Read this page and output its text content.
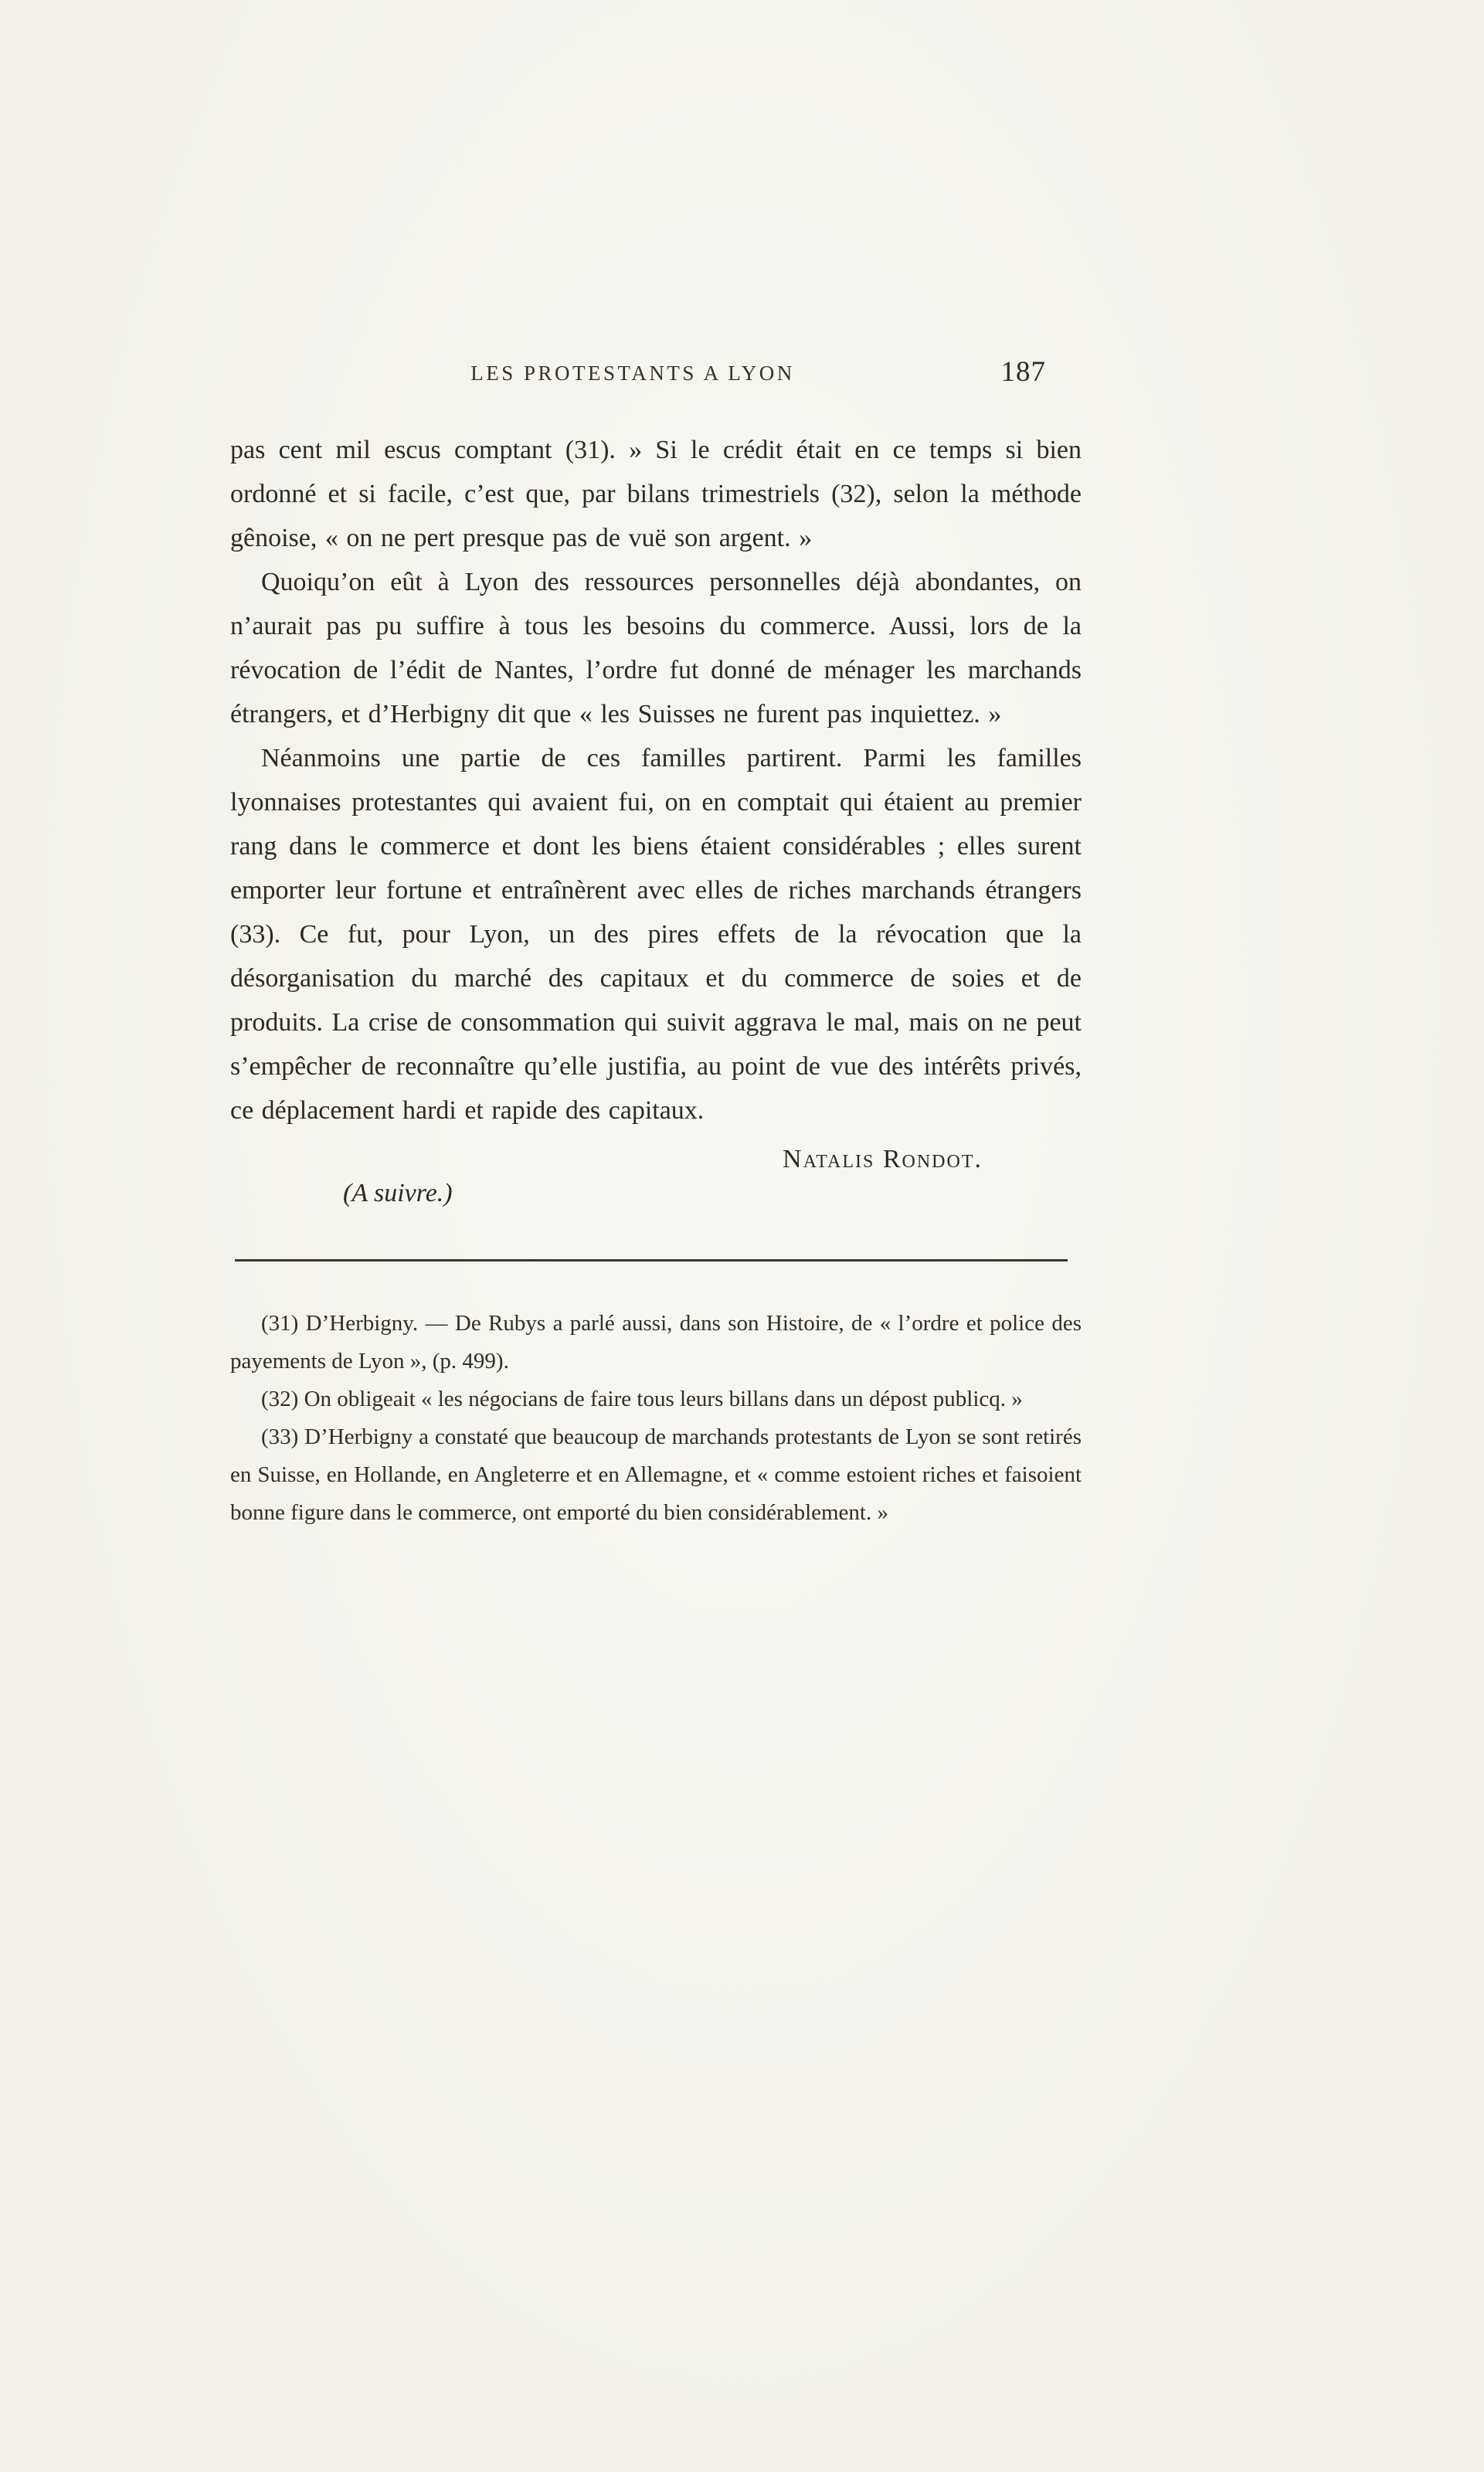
LES PROTESTANTS A LYON	187

pas cent mil escus comptant (31). » Si le crédit était en ce temps si bien ordonné et si facile, c’est que, par bilans trimestriels (32), selon la méthode gênoise, « on ne pert presque pas de vuë son argent. »

Quoiqu’on eût à Lyon des ressources personnelles déjà abondantes, on n’aurait pas pu suffire à tous les besoins du commerce. Aussi, lors de la révocation de l’édit de Nantes, l’ordre fut donné de ménager les marchands étrangers, et d’Herbigny dit que « les Suisses ne furent pas inquiettez. »

Néanmoins une partie de ces familles partirent. Parmi les familles lyonnaises protestantes qui avaient fui, on en comptait qui étaient au premier rang dans le commerce et dont les biens étaient considérables ; elles surent emporter leur fortune et entraînèrent avec elles de riches marchands étrangers (33). Ce fut, pour Lyon, un des pires effets de la révocation que la désorganisation du marché des capitaux et du commerce de soies et de produits. La crise de consommation qui suivit aggrava le mal, mais on ne peut s’empêcher de reconnaître qu’elle justifia, au point de vue des intérêts privés, ce déplacement hardi et rapide des capitaux.

Natalis Rondot.
(A suivre.)

(31) D’Herbigny. — De Rubys a parlé aussi, dans son Histoire, de « l’ordre et police des payements de Lyon », (p. 499).

(32) On obligeait « les négocians de faire tous leurs billans dans un dépost publicq. »

(33) D’Herbigny a constaté que beaucoup de marchands protestants de Lyon se sont retirés en Suisse, en Hollande, en Angleterre et en Allemagne, et « comme estoient riches et faisoient bonne figure dans le commerce, ont emporté du bien considérablement. »
